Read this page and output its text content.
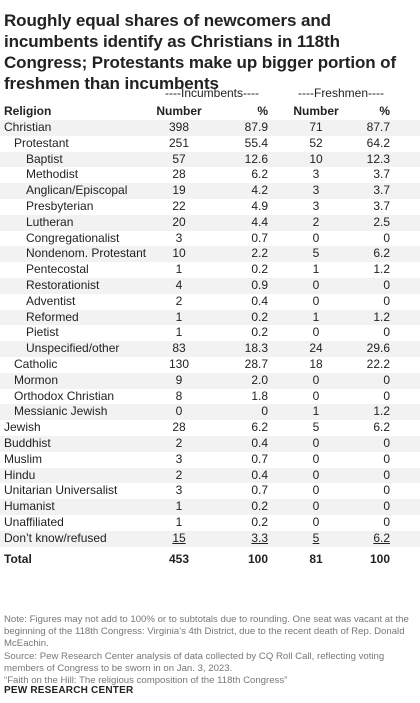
Roughly equal shares of newcomers and incumbents identify as Christians in 118th Congress; Protestants make up bigger portion of freshmen than incumbents
----Incumbents----	----Freshmen----
Religion	Number	%	Number	%
Christian	398	87.9	71	87.7
Protestant	251	55.4	52	64.2
Baptist	57	12.6	10	12.3
Methodist	28	6.2	3	3.7
Anglican/Episcopal	19	4.2	3	3.7
Presbyterian	22	4.9	3	3.7
Lutheran	20	4.4	2	2.5
Congregationalist	3	0.7	0	0
Nondenom. Protestant	10	2.2	5	6.2
Pentecostal	1	0.2	1	1.2
Restorationist	4	0.9	0	0
Adventist	2	0.4	0	0
Reformed	1	0.2	1	1.2
Pietist	1	0.2	0	0
Unspecified/other	83	18.3	24	29.6
Catholic	130	28.7	18	22.2
Mormon	9	2.0	0	0
Orthodox Christian	8	1.8	0	0
Messianic Jewish	0	0	1	1.2
Jewish	28	6.2	5	6.2
Buddhist	2	0.4	0	0
Muslim	3	0.7	0	0
Hindu	2	0.4	0	0
Unitarian Universalist	3	0.7	0	0
Humanist	1	0.2	0	0
Unaffiliated	1	0.2	0	0
Don’t know/refused	15	3.3	5	6.2
Total	453	100	81	100
Note: Figures may not add to 100% or to subtotals due to rounding. One seat was vacant at the beginning of the 118th Congress: Virginia’s 4th District, due to the recent death of Rep. Donald McEachin.
Source: Pew Research Center analysis of data collected by CQ Roll Call, reflecting voting members of Congress to be sworn in on Jan. 3, 2023.
“Faith on the Hill: The religious composition of the 118th Congress”
PEW RESEARCH CENTER
